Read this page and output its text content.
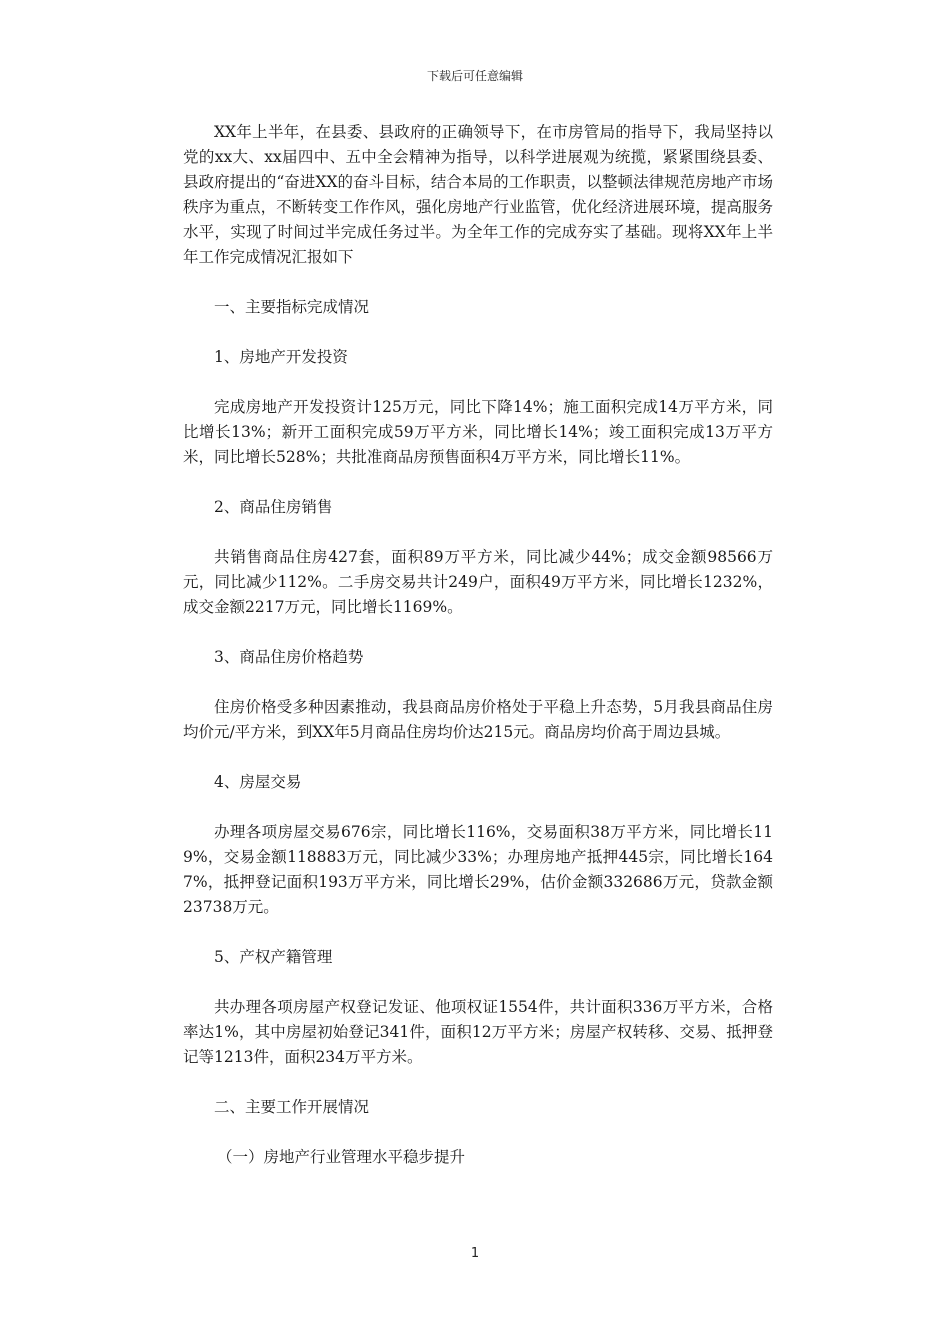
下载后可任意编辑

XX年上半年，在县委、县政府的正确领导下，在市房管局的指导下，我局坚持以党的xx大、xx届四中、五中全会精神为指导，以科学进展观为统揽，紧紧围绕县委、县政府提出的“奋进XX的奋斗目标，结合本局的工作职责，以整顿法律规范房地产市场秩序为重点，不断转变工作作风，强化房地产行业监管，优化经济进展环境，提高服务水平，实现了时间过半完成任务过半。为全年工作的完成夯实了基础。现将XX年上半年工作完成情况汇报如下

一、主要指标完成情况

1、房地产开发投资

完成房地产开发投资计125万元，同比下降14%；施工面积完成14万平方米，同比增长13%；新开工面积完成59万平方米，同比增长14%；竣工面积完成13万平方米，同比增长528%；共批准商品房预售面积4万平方米，同比增长11%。

2、商品住房销售

共销售商品住房427套，面积89万平方米，同比减少44%；成交金额98566万元，同比减少112%。二手房交易共计249户，面积49万平方米，同比增长1232%，成交金额2217万元，同比增长1169%。

3、商品住房价格趋势

住房价格受多种因素推动，我县商品房价格处于平稳上升态势，5月我县商品住房均价元/平方米，到XX年5月商品住房均价达215元。商品房均价高于周边县城。

4、房屋交易

办理各项房屋交易676宗，同比增长116%，交易面积38万平方米，同比增长119%，交易金额118883万元，同比减少33%；办理房地产抵押445宗，同比增长1647%，抵押登记面积193万平方米，同比增长29%，估价金额332686万元，贷款金额23738万元。

5、产权产籍管理

共办理各项房屋产权登记发证、他项权证1554件，共计面积336万平方米，合格率达1%，其中房屋初始登记341件，面积12万平方米；房屋产权转移、交易、抵押登记等1213件，面积234万平方米。

二、主要工作开展情况

（一）房地产行业管理水平稳步提升

1
